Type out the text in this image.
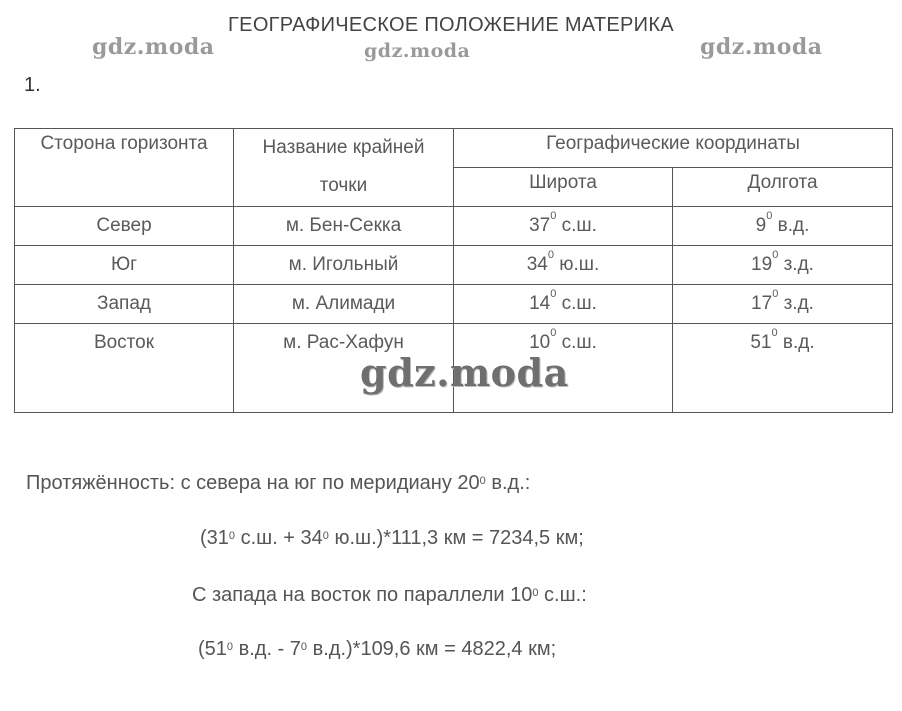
ГЕОГРАФИЧЕСКОЕ ПОЛОЖЕНИЕ МАТЕРИКА
gdz.moda	gdz.moda	gdz.moda
1.
Сторона горизонта	Название крайней точки	Географические координаты	
		Широта	Долгота
Север	м. Бен-Секка	$37^0$ с.ш.	$9^0$ в.д.
Юг	м. Игольный	$34^0$ ю.ш.	$19^0$ з.д.
Запад	м. Алимади	$14^0$ с.ш.	$17^0$ з.д.
Восток	м. Рас-Хафун	$10^0$ с.ш.	$51^0$ в.д.
gdz.moda
Протяжённость: с севера на юг по меридиану $20^0$ в.д.:
($31^0$ с.ш. + $34^0$ ю.ш.)*111,3 км = 7234,5 км;
С запада на восток по параллели $10^0$ с.ш.:
($51^0$ в.д. - $7^0$ в.д.)*109,6 км = 4822,4 км;
